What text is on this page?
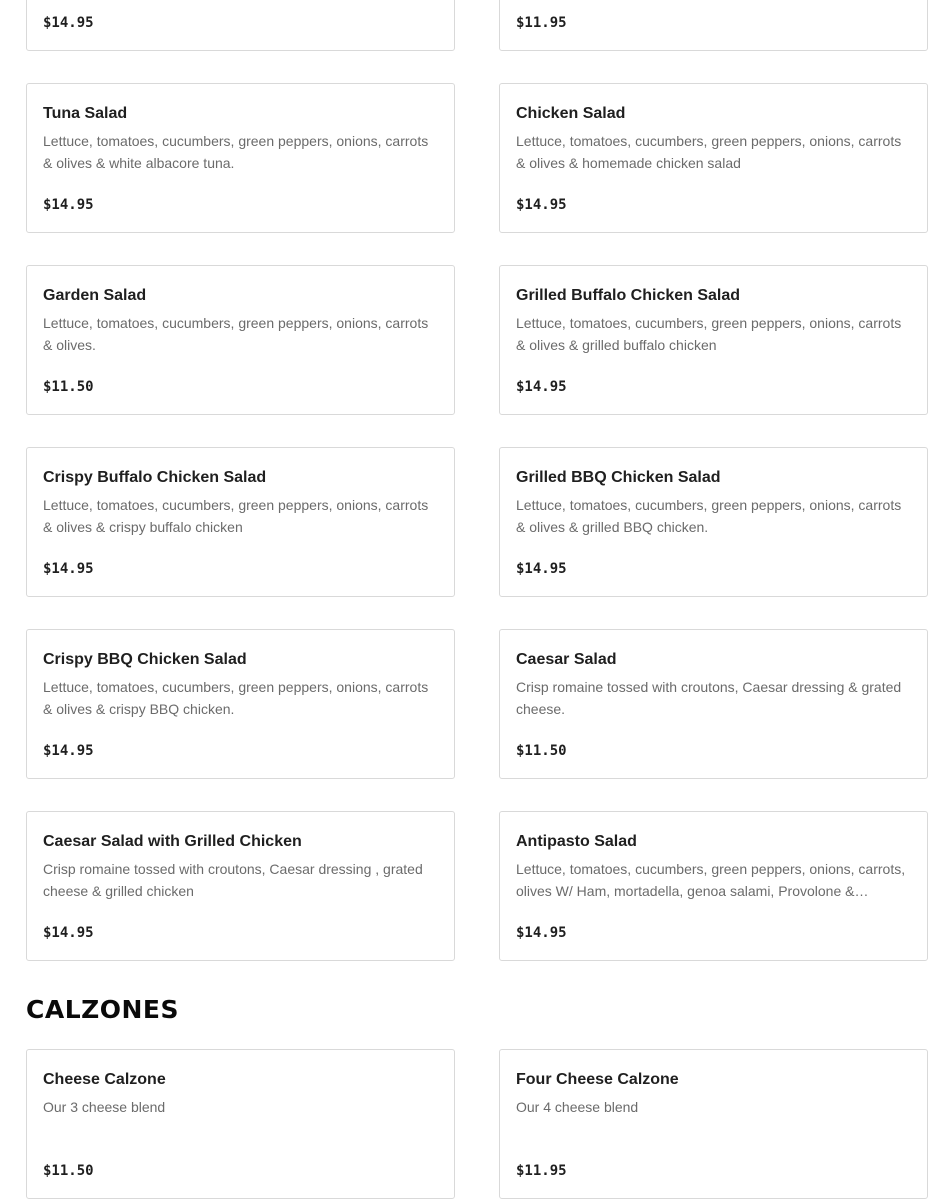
$14.95	$11.95
Tuna Salad
Lettuce, tomatoes, cucumbers, green peppers, onions, carrots & olives & white albacore tuna.
$14.95
Chicken Salad
Lettuce, tomatoes, cucumbers, green peppers, onions, carrots & olives & homemade chicken salad
$14.95
Garden Salad
Lettuce, tomatoes, cucumbers, green peppers, onions, carrots & olives.
$11.50
Grilled Buffalo Chicken Salad
Lettuce, tomatoes, cucumbers, green peppers, onions, carrots & olives & grilled buffalo chicken
$14.95
Crispy Buffalo Chicken Salad
Lettuce, tomatoes, cucumbers, green peppers, onions, carrots & olives & crispy buffalo chicken
$14.95
Grilled BBQ Chicken Salad
Lettuce, tomatoes, cucumbers, green peppers, onions, carrots & olives & grilled BBQ chicken.
$14.95
Crispy BBQ Chicken Salad
Lettuce, tomatoes, cucumbers, green peppers, onions, carrots & olives & crispy BBQ chicken.
$14.95
Caesar Salad
Crisp romaine tossed with croutons, Caesar dressing & grated cheese.
$11.50
Caesar Salad with Grilled Chicken
Crisp romaine tossed with croutons, Caesar dressing , grated cheese & grilled chicken
$14.95
Antipasto Salad
Lettuce, tomatoes, cucumbers, green peppers, onions, carrots, olives W/ Ham, mortadella, genoa salami, Provolone &…
$14.95
CALZONES
Cheese Calzone
Our 3 cheese blend
$11.50
Four Cheese Calzone
Our 4 cheese blend
$11.95
